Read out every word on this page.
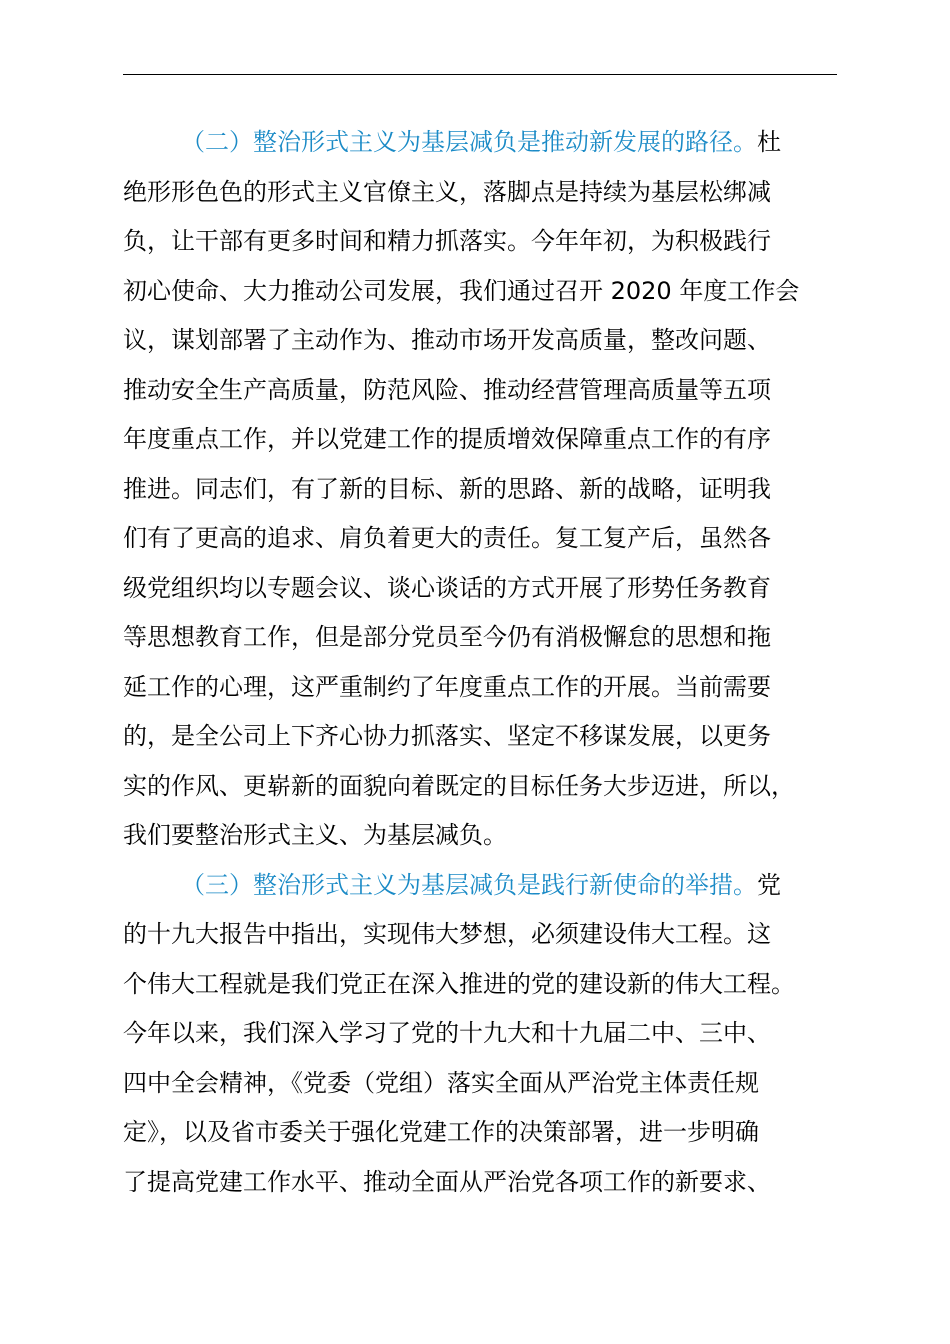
（二）整治形式主义为基层减负是推动新发展的路径。杜
绝形形色色的形式主义官僚主义，落脚点是持续为基层松绑减
负，让干部有更多时间和精力抓落实。今年年初，为积极践行
初心使命、大力推动公司发展，我们通过召开 2020 年度工作会
议，谋划部署了主动作为、推动市场开发高质量，整改问题、
推动安全生产高质量，防范风险、推动经营管理高质量等五项
年度重点工作，并以党建工作的提质增效保障重点工作的有序
推进。同志们，有了新的目标、新的思路、新的战略，证明我
们有了更高的追求、肩负着更大的责任。复工复产后，虽然各
级党组织均以专题会议、谈心谈话的方式开展了形势任务教育
等思想教育工作，但是部分党员至今仍有消极懈怠的思想和拖
延工作的心理，这严重制约了年度重点工作的开展。当前需要
的，是全公司上下齐心协力抓落实、坚定不移谋发展，以更务
实的作风、更崭新的面貌向着既定的目标任务大步迈进，所以，
我们要整治形式主义、为基层减负。
（三）整治形式主义为基层减负是践行新使命的举措。党
的十九大报告中指出，实现伟大梦想，必须建设伟大工程。这
个伟大工程就是我们党正在深入推进的党的建设新的伟大工程。
今年以来，我们深入学习了党的十九大和十九届二中、三中、
四中全会精神，《党委（党组）落实全面从严治党主体责任规
定》，以及省市委关于强化党建工作的决策部署，进一步明确
了提高党建工作水平、推动全面从严治党各项工作的新要求、
